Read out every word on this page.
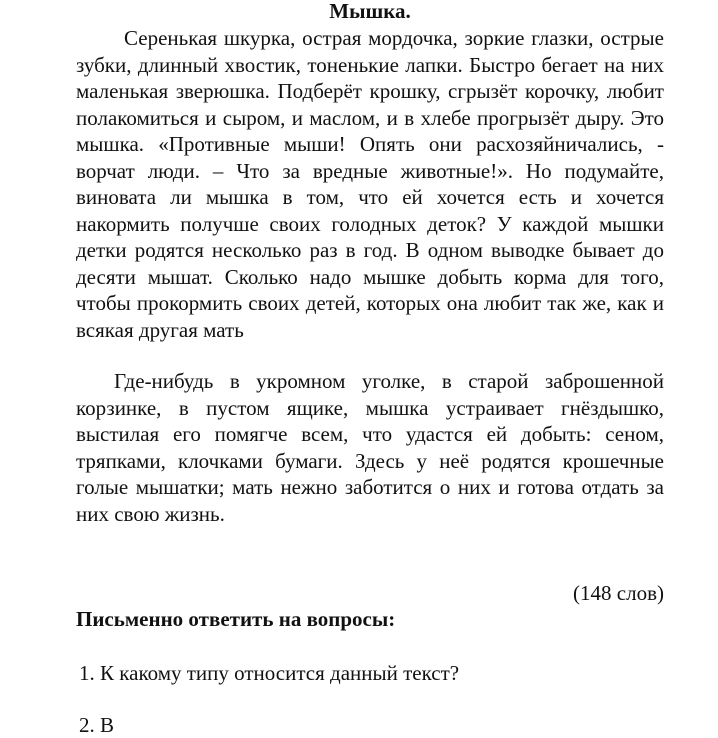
Мышка.

Серенькая шкурка, острая мордочка, зоркие глазки, острые зубки, длинный хвостик, тоненькие лапки. Быстро бегает на них маленькая зверюшка. Подберёт крошку, сгрызёт корочку, любит полакомиться и сыром, и маслом, и в хлебе прогрызёт дыру. Это мышка. «Противные мыши! Опять они расхозяйничались, - ворчат люди. – Что за вредные животные!». Но подумайте, виновата ли мышка в том, что ей хочется есть и хочется накормить получше своих голодных деток? У каждой мышки детки родятся несколько раз в год. В одном выводке бывает до десяти мышат. Сколько надо мышке добыть корма для того, чтобы прокормить своих детей, которых она любит так же, как и всякая другая мать

Где-нибудь в укромном уголке, в старой заброшенной корзинке, в пустом ящике, мышка устраивает гнёздышко, выстилая его помягче всем, что удастся ей добыть: сеном, тряпками, клочками бумаги. Здесь у неё родятся крошечные голые мышатки; мать нежно заботится о них и готова отдать за них свою жизнь.

(148 слов)

Письменно ответить на вопросы:

1. К какому типу относится данный текст?

2. В
